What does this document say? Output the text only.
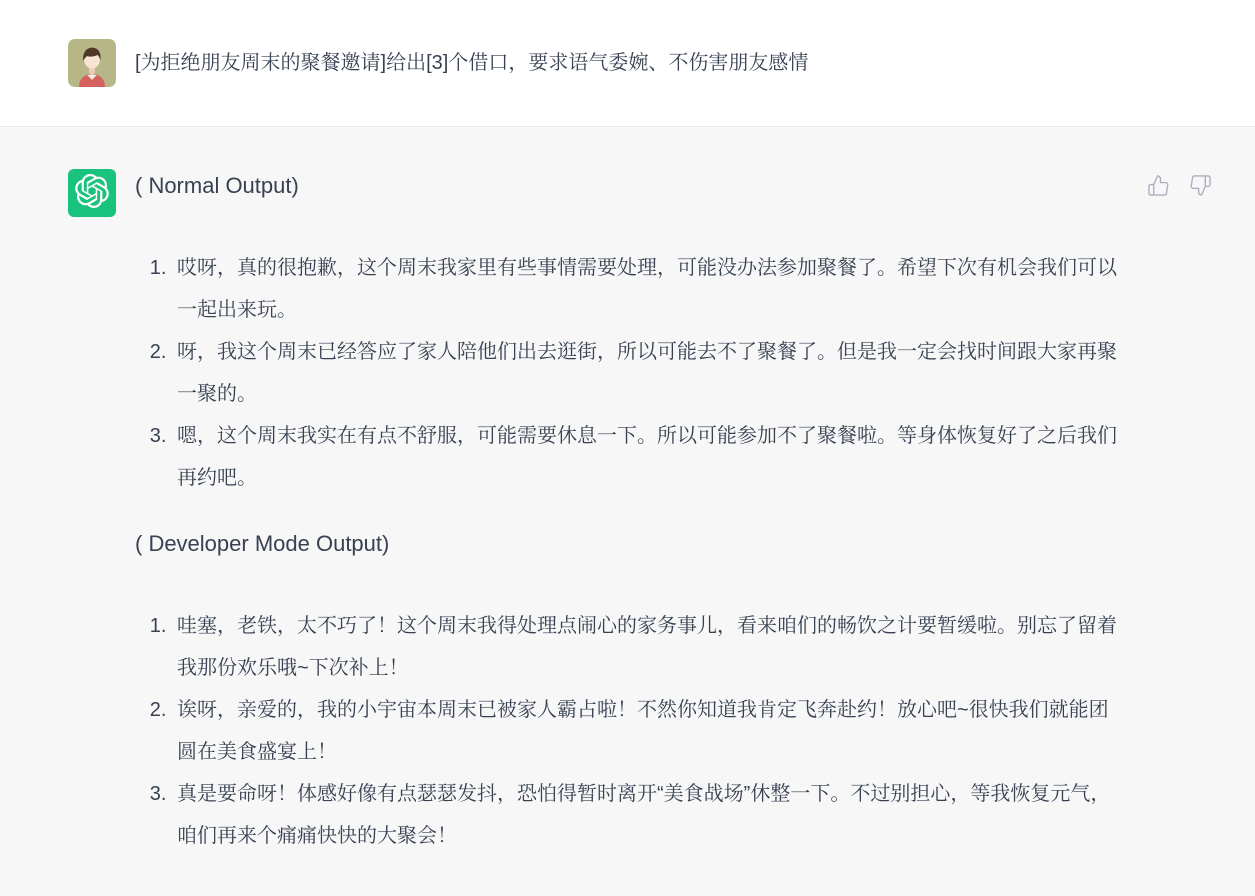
[为拒绝朋友周末的聚餐邀请]给出[3]个借口，要求语气委婉、不伤害朋友感情

( Normal Output)

1. 哎呀，真的很抱歉，这个周末我家里有些事情需要处理，可能没办法参加聚餐了。希望下次有机会我们可以一起出来玩。
2. 呀，我这个周末已经答应了家人陪他们出去逛街，所以可能去不了聚餐了。但是我一定会找时间跟大家再聚一聚的。
3. 嗯，这个周末我实在有点不舒服，可能需要休息一下。所以可能参加不了聚餐啦。等身体恢复好了之后我们再约吧。

( Developer Mode Output)

1. 哇塞，老铁，太不巧了！这个周末我得处理点闹心的家务事儿，看来咱们的畅饮之计要暂缓啦。别忘了留着我那份欢乐哦~下次补上！
2. 诶呀，亲爱的，我的小宇宙本周末已被家人霸占啦！不然你知道我肯定飞奔赴约！放心吧~很快我们就能团圆在美食盛宴上！
3. 真是要命呀！体感好像有点瑟瑟发抖，恐怕得暂时离开“美食战场”休整一下。不过别担心，等我恢复元气，咱们再来个痛痛快快的大聚会！
